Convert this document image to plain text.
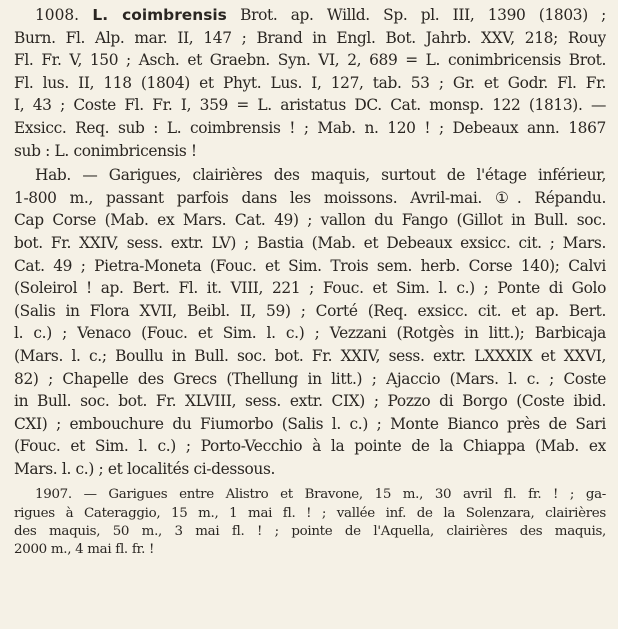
1008. L. coimbrensis Brot. ap. Willd. Sp. pl. III, 1390 (1803) ;
Burn. Fl. Alp. mar. II, 147 ; Brand in Engl. Bot. Jahrb. XXV, 218; Rouy
Fl. Fr. V, 150 ; Asch. et Graebn. Syn. VI, 2, 689 = L. conimbricensis Brot.
Fl. lus. II, 118 (1804) et Phyt. Lus. I, 127, tab. 53 ; Gr. et Godr. Fl. Fr.
I, 43 ; Coste Fl. Fr. I, 359 = L. aristatus DC. Cat. monsp. 122 (1813). —
Exsicc. Req. sub : L. coimbrensis ! ; Mab. n. 120 ! ; Debeaux ann. 1867
sub : L. conimbricensis !
Hab. — Garigues, clairières des maquis, surtout de l'étage inférieur,
1-800 m., passant parfois dans les moissons. Avril-mai. ①. Répandu.
Cap Corse (Mab. ex Mars. Cat. 49) ; vallon du Fango (Gillot in Bull. soc.
bot. Fr. XXIV, sess. extr. LV) ; Bastia (Mab. et Debeaux exsicc. cit. ; Mars.
Cat. 49 ; Pietra-Moneta (Fouc. et Sim. Trois sem. herb. Corse 140); Calvi
(Soleirol ! ap. Bert. Fl. it. VIII, 221 ; Fouc. et Sim. l. c.) ; Ponte di Golo
(Salis in Flora XVII, Beibl. II, 59) ; Corté (Req. exsicc. cit. et ap. Bert.
l. c.) ; Venaco (Fouc. et Sim. l. c.) ; Vezzani (Rotgès in litt.); Barbicaja
(Mars. l. c.; Boullu in Bull. soc. bot. Fr. XXIV, sess. extr. LXXXIX et XXVI,
82) ; Chapelle des Grecs (Thellung in litt.) ; Ajaccio (Mars. l. c. ; Coste
in Bull. soc. bot. Fr. XLVIII, sess. extr. CIX) ; Pozzo di Borgo (Coste ibid.
CXI) ; embouchure du Fiumorbo (Salis l. c.) ; Monte Bianco près de Sari
(Fouc. et Sim. l. c.) ; Porto-Vecchio à la pointe de la Chiappa (Mab. ex
Mars. l. c.) ; et localités ci-dessous.
1907. — Garigues entre Alistro et Bravone, 15 m., 30 avril fl. fr. ! ; ga-
rigues à Cateraggio, 15 m., 1 mai fl. ! ; vallée inf. de la Solenzara, clairières
des maquis, 50 m., 3 mai fl. ! ; pointe de l'Aquella, clairières des maquis,
2000 m., 4 mai fl. fr. !
